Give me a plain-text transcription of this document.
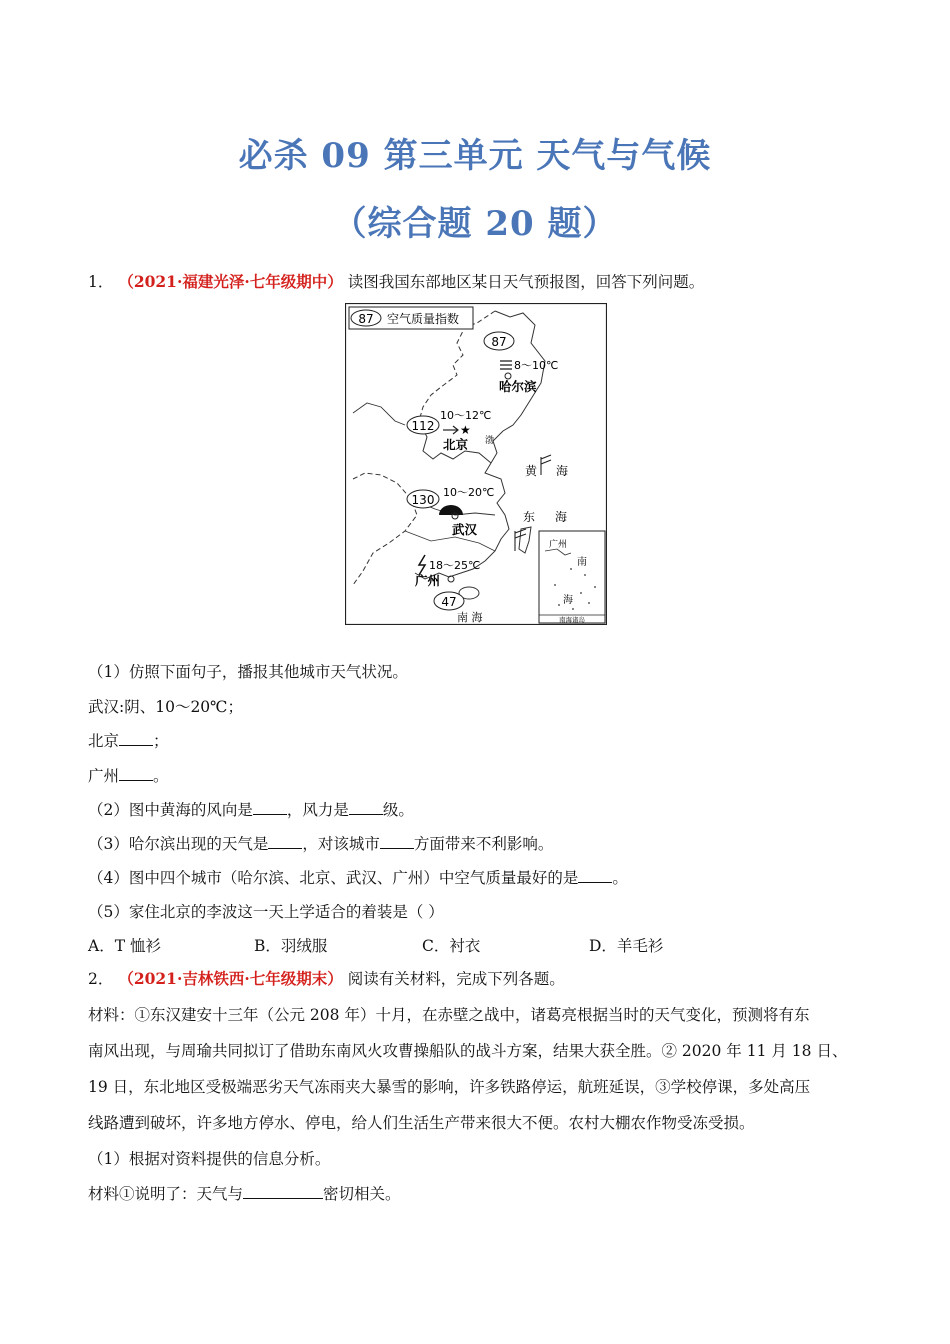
必杀 09 第三单元 天气与气候
（综合题 20 题）
1． （2021·福建光泽·七年级期中） 读图我国东部地区某日天气预报图，回答下列问题。
87 空气质量指数
87
8～10℃
哈尔滨
10～12℃
112 ★
北京 渤
黄 海
10～20℃
130
武汉
东 海
18～25℃
广州
47
南 海
广州
南
海
南海诸岛
（1）仿照下面句子，播报其他城市天气状况。
武汉:阴、10～20℃；
北京 ；
广州 。
（2）图中黄海的风向是 ，风力是 级。
（3）哈尔滨出现的天气是 ，对该城市 方面带来不利影响。
（4）图中四个城市（哈尔滨、北京、武汉、广州）中空气质量最好的是 。
（5）家住北京的李波这一天上学适合的着装是（ ）
A．T 恤衫	B．羽绒服	C．衬衣	D．羊毛衫
2． （2021·吉林铁西·七年级期末） 阅读有关材料，完成下列各题。
材料：①东汉建安十三年（公元 208 年）十月，在赤壁之战中，诸葛亮根据当时的天气变化，预测将有东
南风出现，与周瑜共同拟订了借助东南风火攻曹操船队的战斗方案，结果大获全胜。② 2020 年 11 月 18 日、
19 日，东北地区受极端恶劣天气冻雨夹大暴雪的影响，许多铁路停运，航班延误，③学校停课，多处高压
线路遭到破坏，许多地方停水、停电，给人们生活生产带来很大不便。农村大棚农作物受冻受损。
（1）根据对资料提供的信息分析。
材料①说明了：天气与	密切相关。
